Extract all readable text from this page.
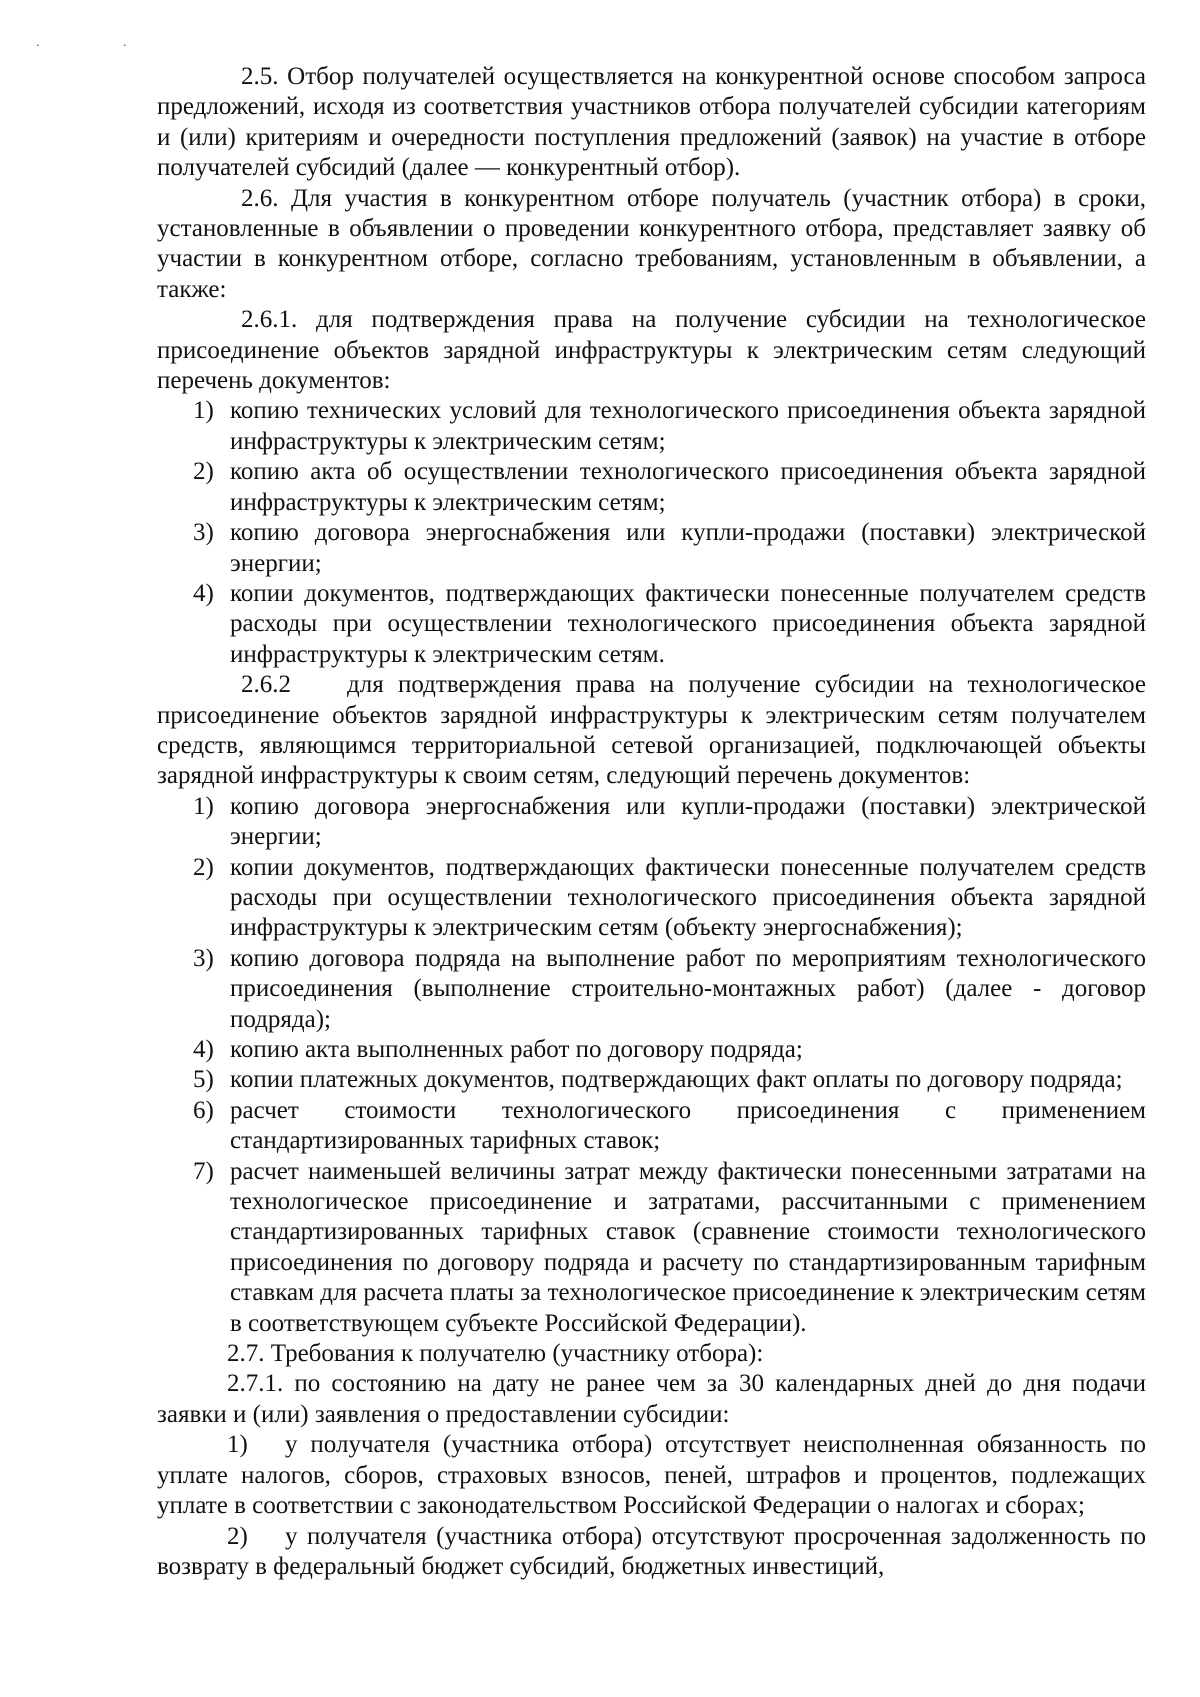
. .

2.5. Отбор получателей осуществляется на конкурентной основе способом запроса предложений, исходя из соответствия участников отбора получателей субсидии категориям и (или) критериям и очередности поступления предложений (заявок) на участие в отборе получателей субсидий (далее — конкурентный отбор).

2.6. Для участия в конкурентном отборе получатель (участник отбора) в сроки, установленные в объявлении о проведении конкурентного отбора, представляет заявку об участии в конкурентном отборе, согласно требованиям, установленным в объявлении, а также:

2.6.1. для подтверждения права на получение субсидии на технологическое присоединение объектов зарядной инфраструктуры к электрическим сетям следующий перечень документов:

1) копию технических условий для технологического присоединения объекта зарядной инфраструктуры к электрическим сетям;

2) копию акта об осуществлении технологического присоединения объекта зарядной инфраструктуры к электрическим сетям;

3) копию договора энергоснабжения или купли-продажи (поставки) электрической энергии;

4) копии документов, подтверждающих фактически понесенные получателем средств расходы при осуществлении технологического присоединения объекта зарядной инфраструктуры к электрическим сетям.

2.6.2 для подтверждения права на получение субсидии на технологическое присоединение объектов зарядной инфраструктуры к электрическим сетям получателем средств, являющимся территориальной сетевой организацией, подключающей объекты зарядной инфраструктуры к своим сетям, следующий перечень документов:

1) копию договора энергоснабжения или купли-продажи (поставки) электрической энергии;

2) копии документов, подтверждающих фактически понесенные получателем средств расходы при осуществлении технологического присоединения объекта зарядной инфраструктуры к электрическим сетям (объекту энергоснабжения);

3) копию договора подряда на выполнение работ по мероприятиям технологического присоединения (выполнение строительно-монтажных работ) (далее - договор подряда);

4) копию акта выполненных работ по договору подряда;

5) копии платежных документов, подтверждающих факт оплаты по договору подряда;

6) расчет стоимости технологического присоединения с применением стандартизированных тарифных ставок;

7) расчет наименьшей величины затрат между фактически понесенными затратами на технологическое присоединение и затратами, рассчитанными с применением стандартизированных тарифных ставок (сравнение стоимости технологического присоединения по договору подряда и расчету по стандартизированным тарифным ставкам для расчета платы за технологическое присоединение к электрическим сетям в соответствующем субъекте Российской Федерации).

2.7. Требования к получателю (участнику отбора):

2.7.1. по состоянию на дату не ранее чем за 30 календарных дней до дня подачи заявки и (или) заявления о предоставлении субсидии:

1) у получателя (участника отбора) отсутствует неисполненная обязанность по уплате налогов, сборов, страховых взносов, пеней, штрафов и процентов, подлежащих уплате в соответствии с законодательством Российской Федерации о налогах и сборах;

2) у получателя (участника отбора) отсутствуют просроченная задолженность по возврату в федеральный бюджет субсидий, бюджетных инвестиций,
